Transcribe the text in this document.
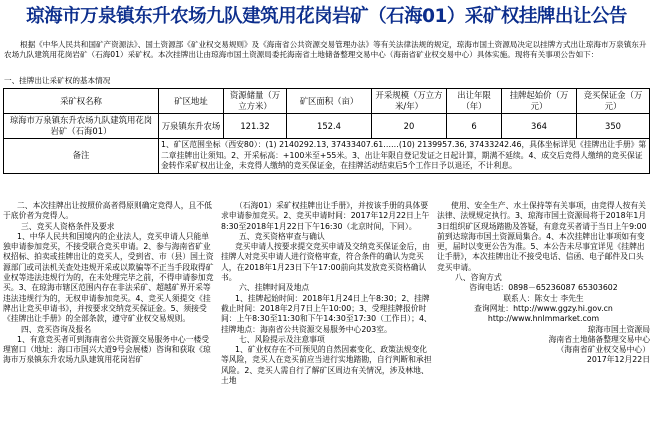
琼海市万泉镇东升农场九队建筑用花岗岩矿（石海01）采矿权挂牌出让公告
根据《中华人民共和国矿产资源法》、国土资源部《矿业权交易规则》及《海南省公共资源交易管理办法》等有关法律法规的规定，琼海市国土资源局决定以挂牌方式出让琼海市万泉镇东升农场九队建筑用花岗岩矿（石海01）采矿权。本次挂牌出让由琼海市国土资源局委托海南省土地储备整理交易中心（海南省矿业权交易中心）具体实施。现将有关事项公告如下：
一、挂牌出让采矿权的基本情况
采矿权名称	矿区地址	资源储量（万立方米）	矿区面积（亩）	开采规模（万立方米/年）	出让年限（年）	挂牌起始价（万元）	竞买保证金（万元）
琼海市万泉镇东升农场九队建筑用花岗岩矿（石海01）	万泉镇东升农场	121.32	152.4	20	6	364	350
备注	1、矿区范围坐标（西安80）：(1) 2140292.13, 37433407.61……(10) 2139957.36, 37433242.46，具体坐标详见《挂牌出让手册》第二章挂牌出让须知。2、开采标高：+100米至+55米。3、出让年限自登记发证之日起计算，期满不延续。4、成交后竞得人缴纳的竞买保证金转作采矿权出让金，未竞得人缴纳的竞买保证金，在挂牌活动结束后5个工作日予以退还，不计利息。						

二、本次挂牌出让按照价高者得原则确定竞得人，且不低于底价者为竞得人。

三、竞买人资格条件及要求

1、中华人民共和国境内的企业法人，竞买申请人只能单独申请参加竞买，不接受联合竞买申请。2、参与海南省矿业权招标、拍卖或挂牌出让的竞买人，受到省、市（县）国土资源部门或司法机关查处违规开采或以欺骗等不正当手段取得矿业权等违法违规行为的，在未处理完毕之前，不得申请参加竞买。3、在琼海市辖区范围内存在非法采矿、超越矿界开采等违法违规行为的，无权申请参加竞买。4、竞买人须提交《挂牌出让竞买申请书》，并按要求交纳竞买保证金。5、须接受《挂牌出让手册》的全部条款，遵守矿业权交易规则。

四、竞买咨询及报名

1、有意竞买者可到海南省公共资源交易服务中心一楼受理窗口（地址：海口市国兴大道9号会展楼）咨询和获取《琼海市万泉镇东升农场九队建筑用花岗岩矿

（石海01）采矿权挂牌出让手册》，并按该手册的具体要求申请参加竞买。2、竞买申请时间：2017年12月22日上午8:30至2018年1月22日下午16:30（北京时间，下同）。

五、竞买资格审查与确认

竞买申请人按要求提交竞买申请及交纳竞买保证金后，由挂牌人对竞买申请人进行资格审查，符合条件的确认为竞买人，在2018年1月23日下午17:00前向其发放竞买资格确认书。

六、挂牌时间及地点

1、挂牌起始时间：2018年1月24日上午8:30；2、挂牌截止时间：2018年2月7日上午10:00；3、受理挂牌报价时间：上午8:30至11:30和下午14:30至17:30（工作日）；4、挂牌地点：海南省公共资源交易服务中心203室。

七、风险提示及注意事项

1、矿业权存在不可预见的自然因素变化、政策法规变化等风险，竞买人在竞买前应当进行实地踏勘，自行判断和承担风险。2、竞买人需自行了解矿区周边有关情况，涉及林地、土地

使用、安全生产、水土保持等有关事项，由竞得人按有关法律、法规规定执行。3、琼海市国土资源局将于2018年1月3日组织矿区现场踏勘及答疑，有意竞买者请于当日上午9:00前到达琼海市国土资源局集合。4、本次挂牌出让事项如有变更，届时以变更公告为准。5、本公告未尽事宜详见《挂牌出让手册》，本次挂牌出让不接受电话、信函、电子邮件及口头竞买申请。

八、咨询方式

咨询电话：0898－65236087 65303602

联系人：陈女士 李先生

查询网址：http://www.ggzy.hi.gov.cn

http://www.hnlmmarket.com

琼海市国土资源局

海南省土地储备整理交易中心

（海南省矿业权交易中心）

2017年12月22日
